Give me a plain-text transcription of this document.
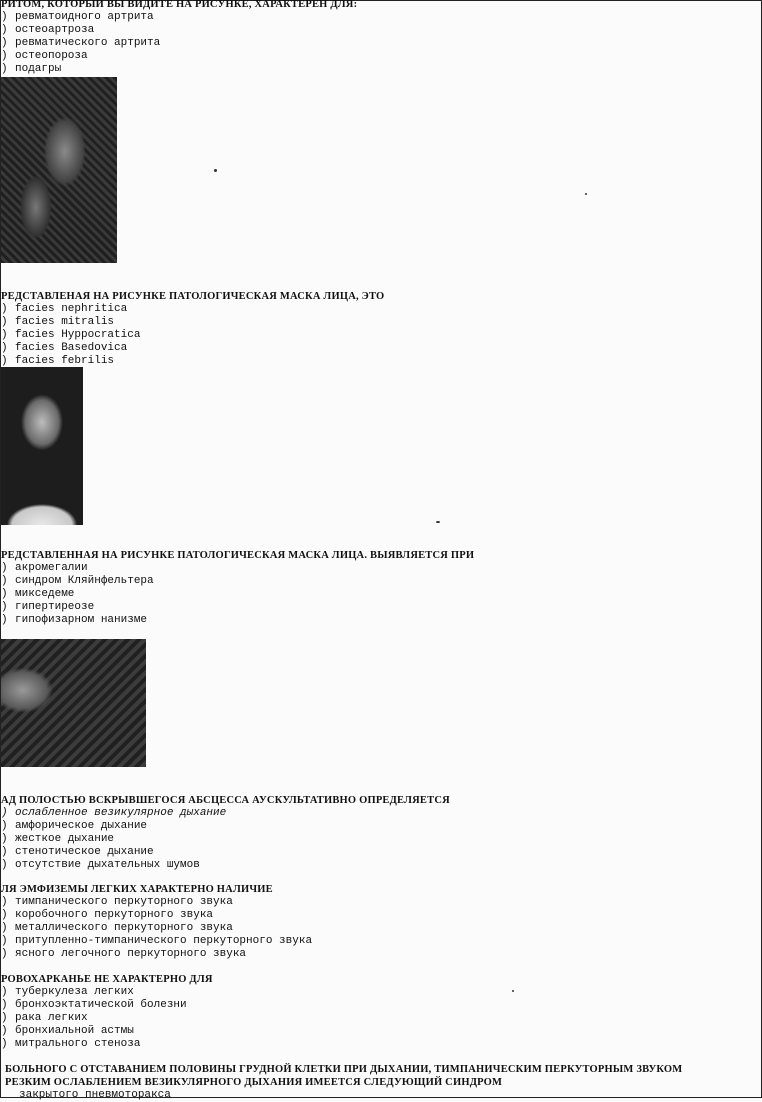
РИТОМ, КОТОРЫЙ ВЫ ВИДИТЕ НА РИСУНКЕ, ХАРАКТЕРЕН ДЛЯ:
) ревматоидного артрита
) остеоартроза
) ревматического артрита
) остеопороза
) подагры
РЕДСТАВЛЕНАЯ НА РИСУНКЕ ПАТОЛОГИЧЕСКАЯ МАСКА ЛИЦА, ЭТО
) facies nephritica
) facies mitralis
) facies Hyppocratica
) facies Basedovica
) facies febrilis
РЕДСТАВЛЕННАЯ НА РИСУНКЕ ПАТОЛОГИЧЕСКАЯ МАСКА ЛИЦА. ВЫЯВЛЯЕТСЯ ПРИ
) акромегалии
) синдром Кляйнфельтера
) микседеме
) гипертиреозе
) гипофизарном нанизме
АД ПОЛОСТЬЮ ВСКРЫВШЕГОСЯ АБСЦЕССА АУСКУЛЬТАТИВНО ОПРЕДЕЛЯЕТСЯ
) ослабленное везикулярное дыхание
) амфорическое дыхание
) жесткое дыхание
) стенотическое дыхание
) отсутствие дыхательных шумов
ЛЯ ЭМФИЗЕМЫ ЛЕГКИХ ХАРАКТЕРНО НАЛИЧИЕ
) тимпанического перкуторного звука
) коробочного перкуторного звука
) металлического перкуторного звука
) притупленно-тимпанического перкуторного звука
) ясного легочного перкуторного звука
РОВОХАРКАНЬЕ НЕ ХАРАКТЕРНО ДЛЯ
) туберкулеза легких
) бронхоэктатической болезни
) рака легких
) бронхиальной астмы
) митрального стеноза
БОЛЬНОГО С ОТСТАВАНИЕМ ПОЛОВИНЫ ГРУДНОЙ КЛЕТКИ ПРИ ДЫХАНИИ, ТИМПАНИЧЕСКИМ ПЕРКУТОРНЫМ ЗВУКОМ
РЕЗКИМ ОСЛАБЛЕНИЕМ ВЕЗИКУЛЯРНОГО ДЫХАНИЯ ИМЕЕТСЯ СЛЕДУЮЩИЙ СИНДРОМ
закрытого пневмоторакса
